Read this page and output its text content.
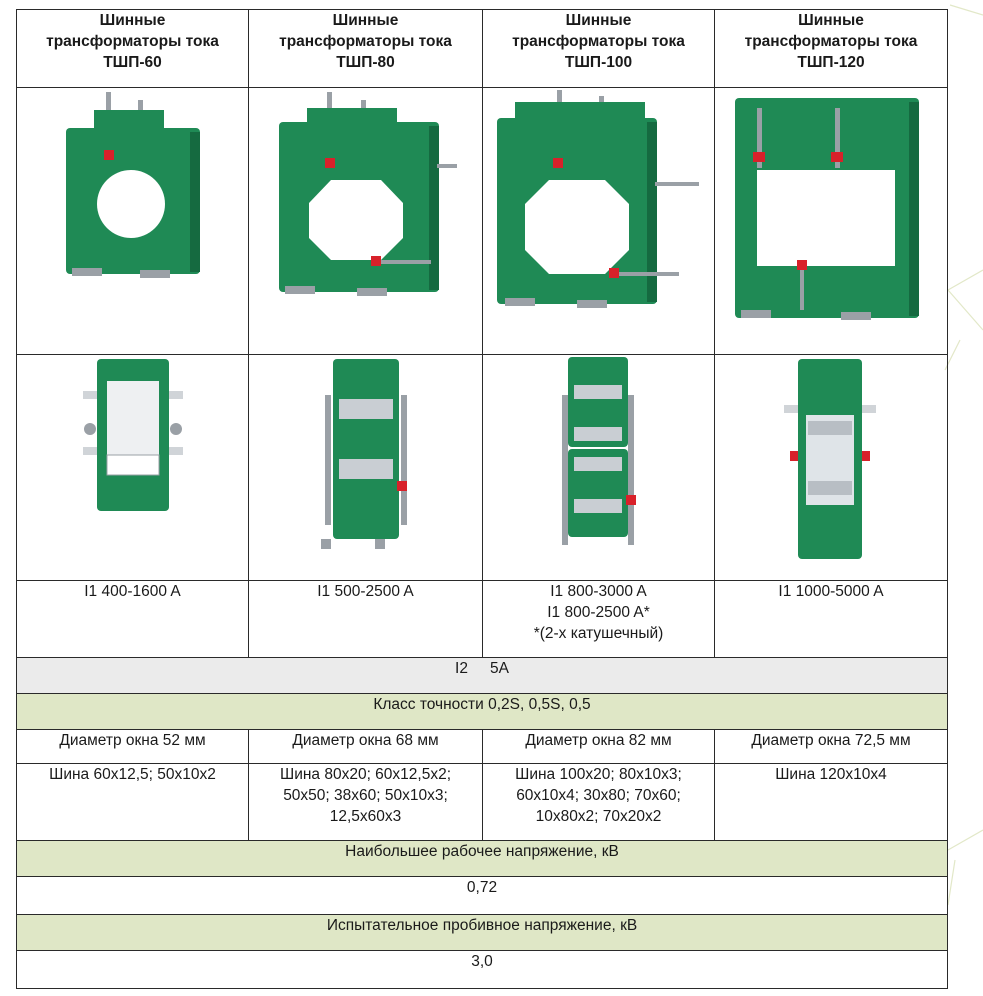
Шинные
трансформаторы тока
ТШП-60	Шинные
трансформаторы тока
ТШП-80	Шинные
трансформаторы тока
ТШП-100	Шинные
трансформаторы тока
ТШП-120

I1 400-1600 A	I1 500-2500 A	I1 800-3000 A
I1 800-2500 A*
*(2-х катушечный)	I1 1000-5000 A

I2 5A			
Класс точности 0,2S, 0,5S, 0,5			
Диаметр окна 52 мм	Диаметр окна 68 мм	Диаметр окна 82 мм	Диаметр окна 72,5 мм

Шина 60х12,5; 50х10х2	Шина 80х20; 60х12,5х2;
50х50; 38х60; 50х10х3;
12,5х60х3	Шина 100х20; 80х10х3;
60х10х4; 30х80; 70х60;
10х80х2; 70х20х2	Шина 120х10х4

Наибольшее рабочее напряжение, кВ			
0,72			
Испытательное пробивное напряжение, кВ			
3,0			
